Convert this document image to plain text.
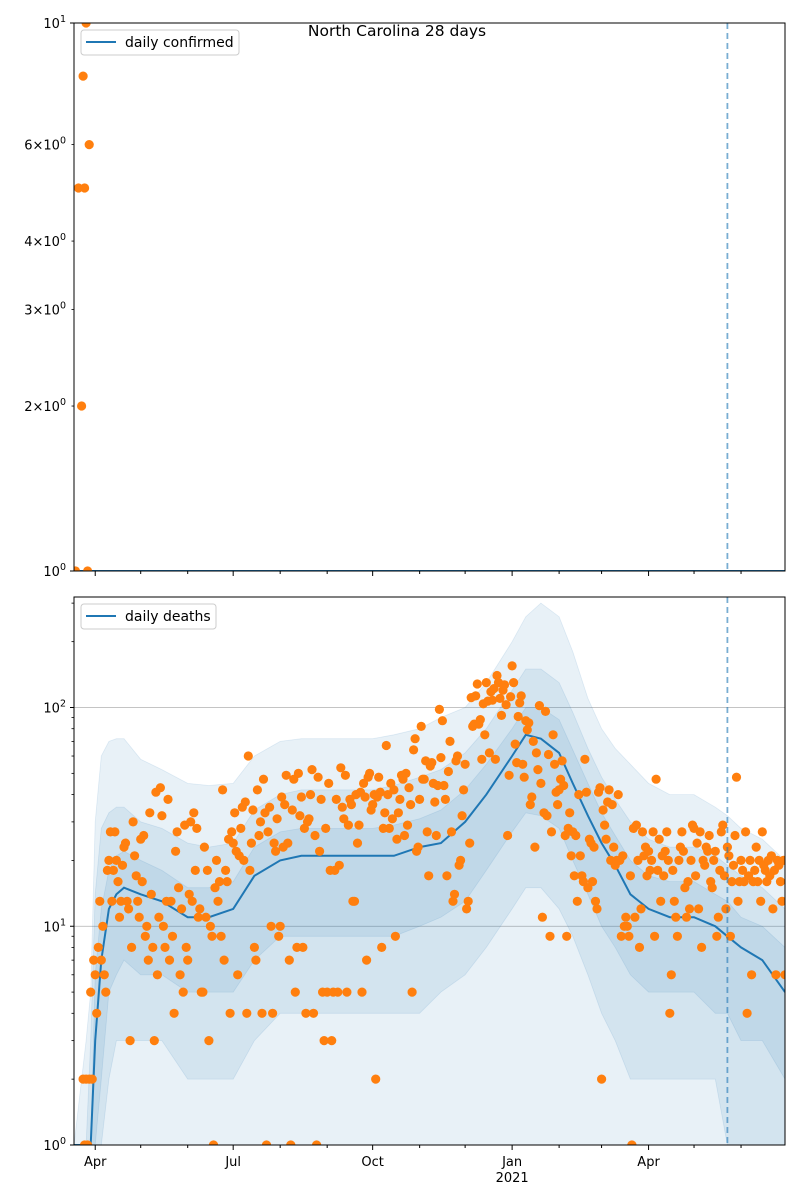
North Carolina 28 days
$10^0$
$10^1$
$2\times 10^0$
$3\times 10^0$
$4\times 10^0$
$6\times 10^0$
daily confirmed
$10^0$
$10^1$
$10^2$
Apr	Jul	Oct	Jan
2021
Apr
daily deaths
